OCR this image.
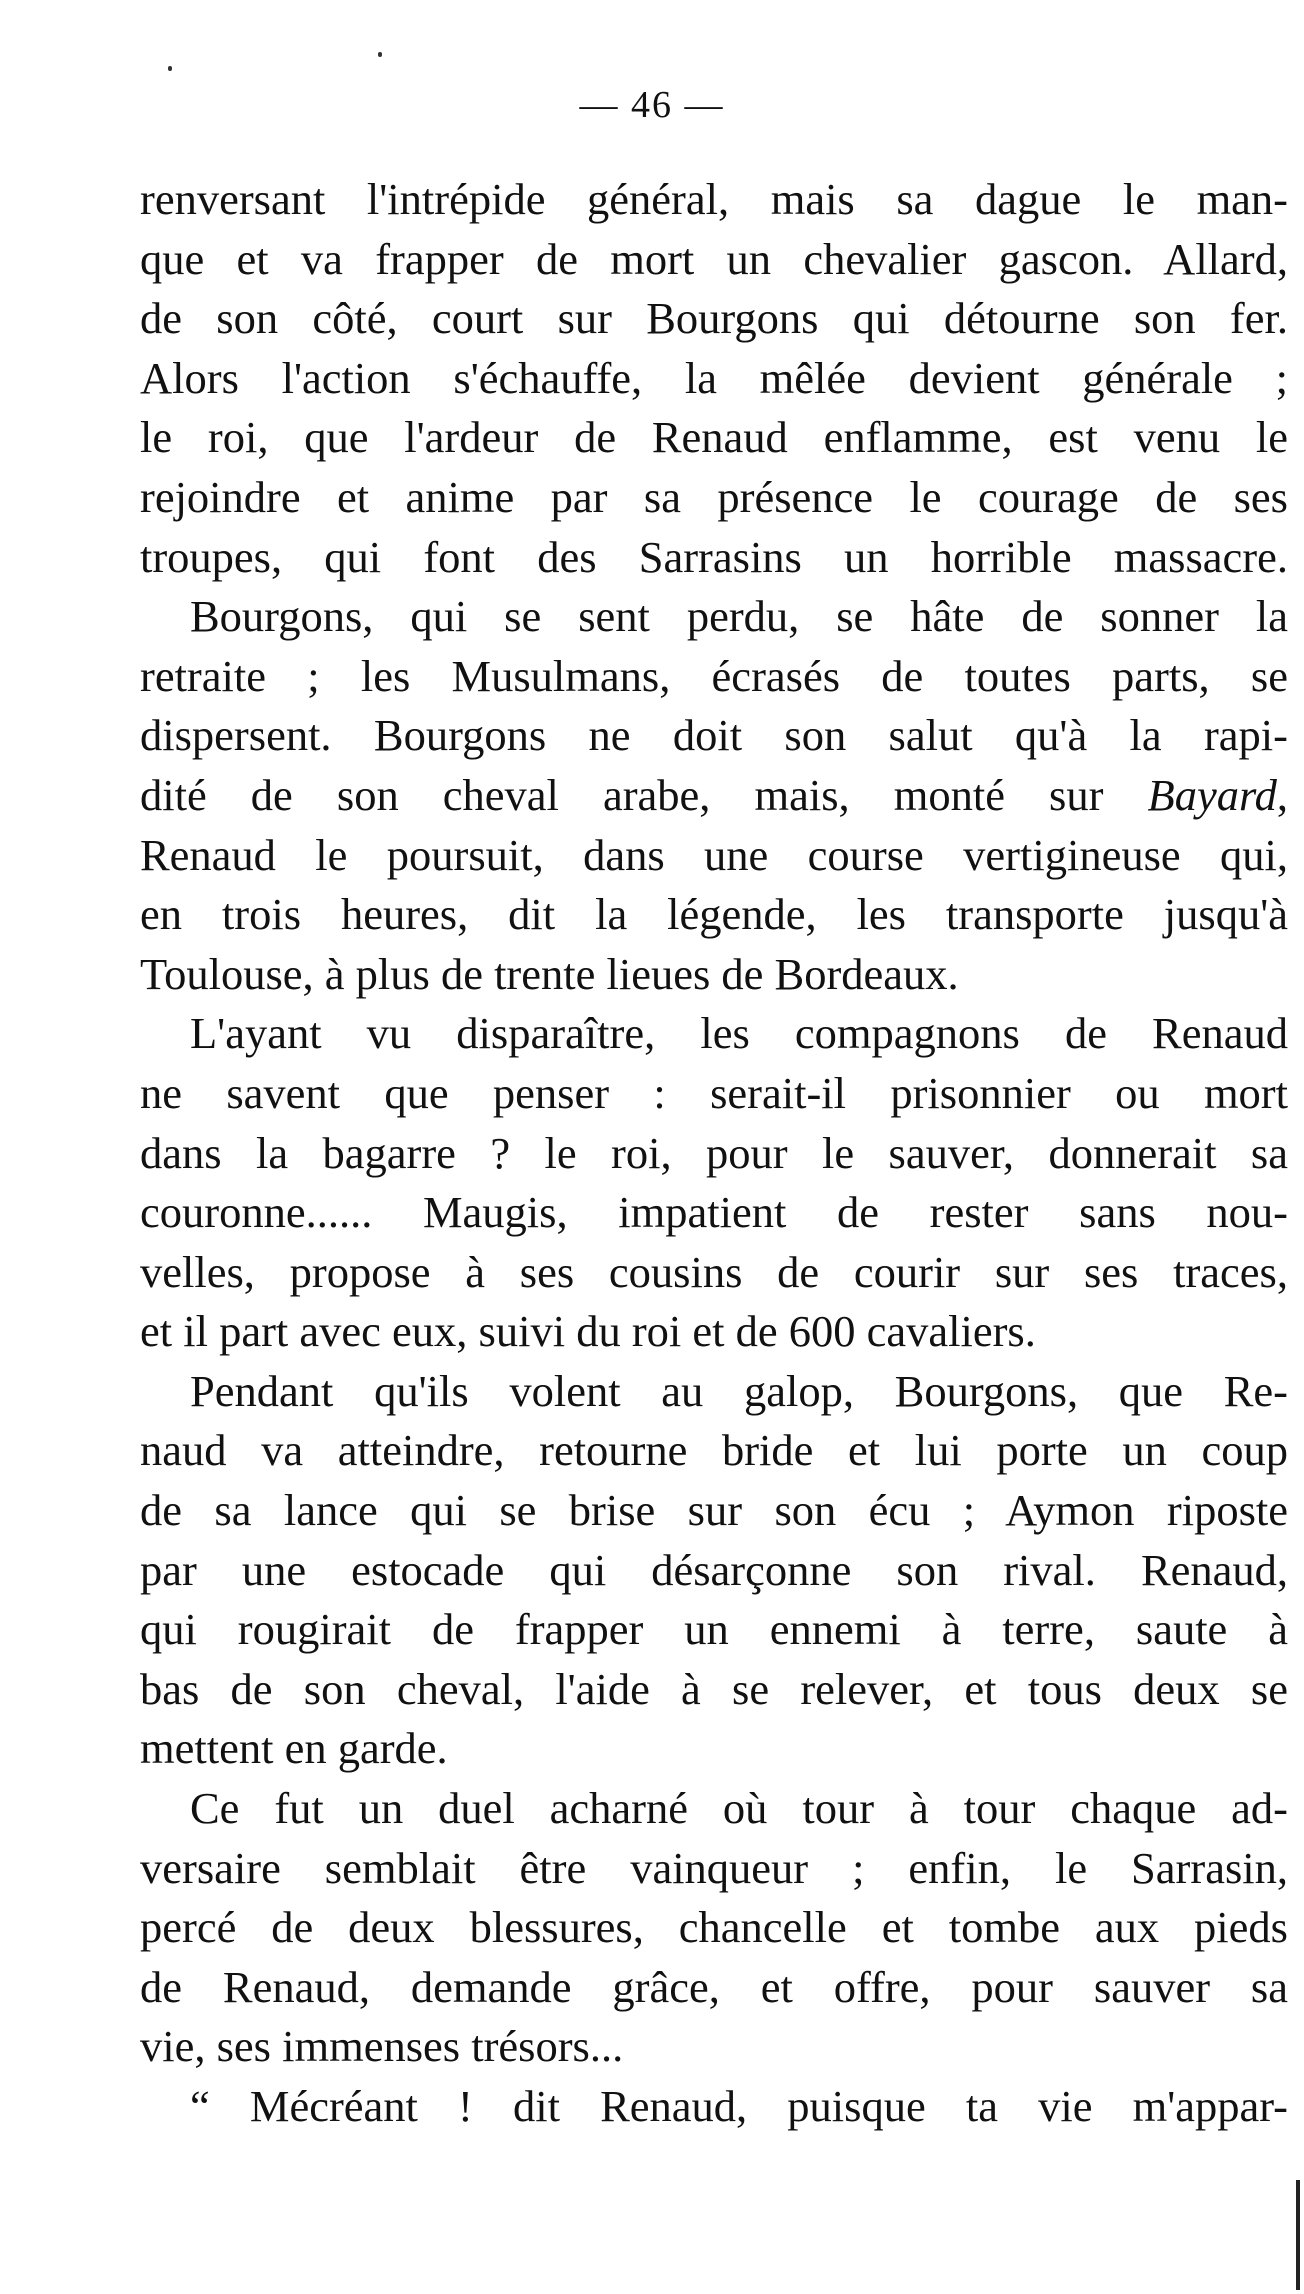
— 46 —
renversant l'intrépide général, mais sa dague le man-
que et va frapper de mort un chevalier gascon. Allard,
de son côté, court sur Bourgons qui détourne son fer.
Alors l'action s'échauffe, la mêlée devient générale ;
le roi, que l'ardeur de Renaud enflamme, est venu le
rejoindre et anime par sa présence le courage de ses
troupes, qui font des Sarrasins un horrible massacre.
Bourgons, qui se sent perdu, se hâte de sonner la
retraite ; les Musulmans, écrasés de toutes parts, se
dispersent. Bourgons ne doit son salut qu'à la rapi-
dité de son cheval arabe, mais, monté sur Bayard,
Renaud le poursuit, dans une course vertigineuse qui,
en trois heures, dit la légende, les transporte jusqu'à
Toulouse, à plus de trente lieues de Bordeaux.
L'ayant vu disparaître, les compagnons de Renaud
ne savent que penser : serait-il prisonnier ou mort
dans la bagarre ? le roi, pour le sauver, donnerait sa
couronne...... Maugis, impatient de rester sans nou-
velles, propose à ses cousins de courir sur ses traces,
et il part avec eux, suivi du roi et de 600 cavaliers.
Pendant qu'ils volent au galop, Bourgons, que Re-
naud va atteindre, retourne bride et lui porte un coup
de sa lance qui se brise sur son écu ; Aymon riposte
par une estocade qui désarçonne son rival. Renaud,
qui rougirait de frapper un ennemi à terre, saute à
bas de son cheval, l'aide à se relever, et tous deux se
mettent en garde.
Ce fut un duel acharné où tour à tour chaque ad-
versaire semblait être vainqueur ; enfin, le Sarrasin,
percé de deux blessures, chancelle et tombe aux pieds
de Renaud, demande grâce, et offre, pour sauver sa
vie, ses immenses trésors...
“ Mécréant ! dit Renaud, puisque ta vie m'appar-
